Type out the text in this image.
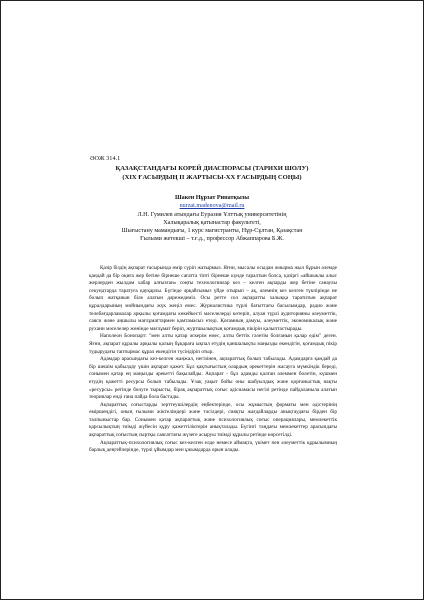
ӘОЖ 314.1
ҚАЗАҚСТАНДАҒЫ КОРЕЙ ДИАСПОРАСЫ (ТАРИХИ ШОЛУ)
(XIX ҒАСЫРДЫҢ II ЖАРТЫСЫ-XX ҒАСЫРДЫҢ СОҢЫ)
Шакен Нұрзат Ринатқызы
nurzat.madenova@mail.ru
Л.Н. Гумилев атындағы Еуразия Ұлттық университетінің
Халықаралық қатынастар факультеті,
Шығыстану мамандығы, 1 курс магистранты, Нұр-Сұлтан, Қазақстан
Ғылыми жетекші – т.ғ.д., профессор Абжаппарова Б.Ж.

Қазір біздің ақпарат ғасырында өмір сүріп жатырмыз. Яғни, мысалы осыдан жиырма жыл бұрын әлемде қандай да бір оқиға жер бетіне бірнеше сағатта тіпті бірнеше күнде таралтын болса, қазіргі «айшыклы алыс жерлерден жылдам хабар алғызған» соңғы технологиялар кез – келген ақпарды жер бетіне санаулы секундтарда таратуға қауқарлы. Бүгінде әрқайсымыз үйде отырып – ақ, әлемнің кез келген түкпірінде не болып жатқанын біле алатын дәрежедеміз. Осы ретте сол ақпаратты халыққа таратитын ақпарат құралдарының мойнындағы жүк жеңіл емес. Журналистика түрлі бағыттағы басылымдар, радио және телебағдарламалар арқылы қоғамдағы көкейкесті мәселелерді көтеріп, алуан түрлі аудиторияны әлеуметтік, саяси және аңшылы мағлұматтармен қамтамасыз етеді. Қоғамның дамуы, әлеуметтік, экономикалық және рухани мәселелер жөнінде мағлұмат беріп, журтшылықтың қоғамдық пікірін қалыптастырады.

Наполеон Бонопарт: "мен алты қатар әскерім емес, алты беттік газетім болғанын қалар едім" деген. Яғни, ақпарат құралы арқылы қалың бұқараға ықпал етудің қаншалықты маңызды екендігін, қоғамдық пікір тудырудағы таптырмас құрал екендігін түсіндіріп отыр.

Адамдар арасындағы кез-келген жаңжал, негізінен, ақпараттық болып табылады. Адамдарға қандай да бір шешім қабылдау үшін ақпарат қажет. Бұл қақтығыстың олардың әрекеттерін жасауға мүмкіндік береді, сонымен қатар ең маңызды әрекетті бақылайды. Ақпарат - бұл адамды қалған әлеммен болетін, күшмен етудің қажетті ресурсы болып табылады. Ұзақ уақыт бойы оны шабуылдық және қорғаныстық нақты «ресурсы» ретінде бөлуге тырысты, бірақ ақпараттық соғыс әдіснамасы негізі ретінде пайдаланыла алатын теориялар енді ғана пайда бола бастады.

Ақпараттық соғыстарды зерттеушілердің еңбектерінде, осы жұмыстың форматы мен әдістерінің өміршеңдігі, оның ғылыми жіктелімдері және тәсілдері, сияқты жағдайларды анықтаудағы бірден бір талпыныстар бар. Сонымен қатар ақпараттық және психологиялық соғыс операциялары, мемлекеттік қарсылықтың тиімді жүйесін құру қажеттіліктерін анықталады. Бүгінгі таңдағы мемлекеттер арасындағы ақпараттық соғыстың сыртқы саясаттағы жүзеге асыруы тиімді құралы ретінде көрсетілді.

Ақпараттық-психологиялық соғыс кез-келген елде немесе аймақта, үкімет пен әлеуметтік құрылымның барлық деңгейлерінде, түрлі ұйымдар мен ұжымдарда орын алады.
